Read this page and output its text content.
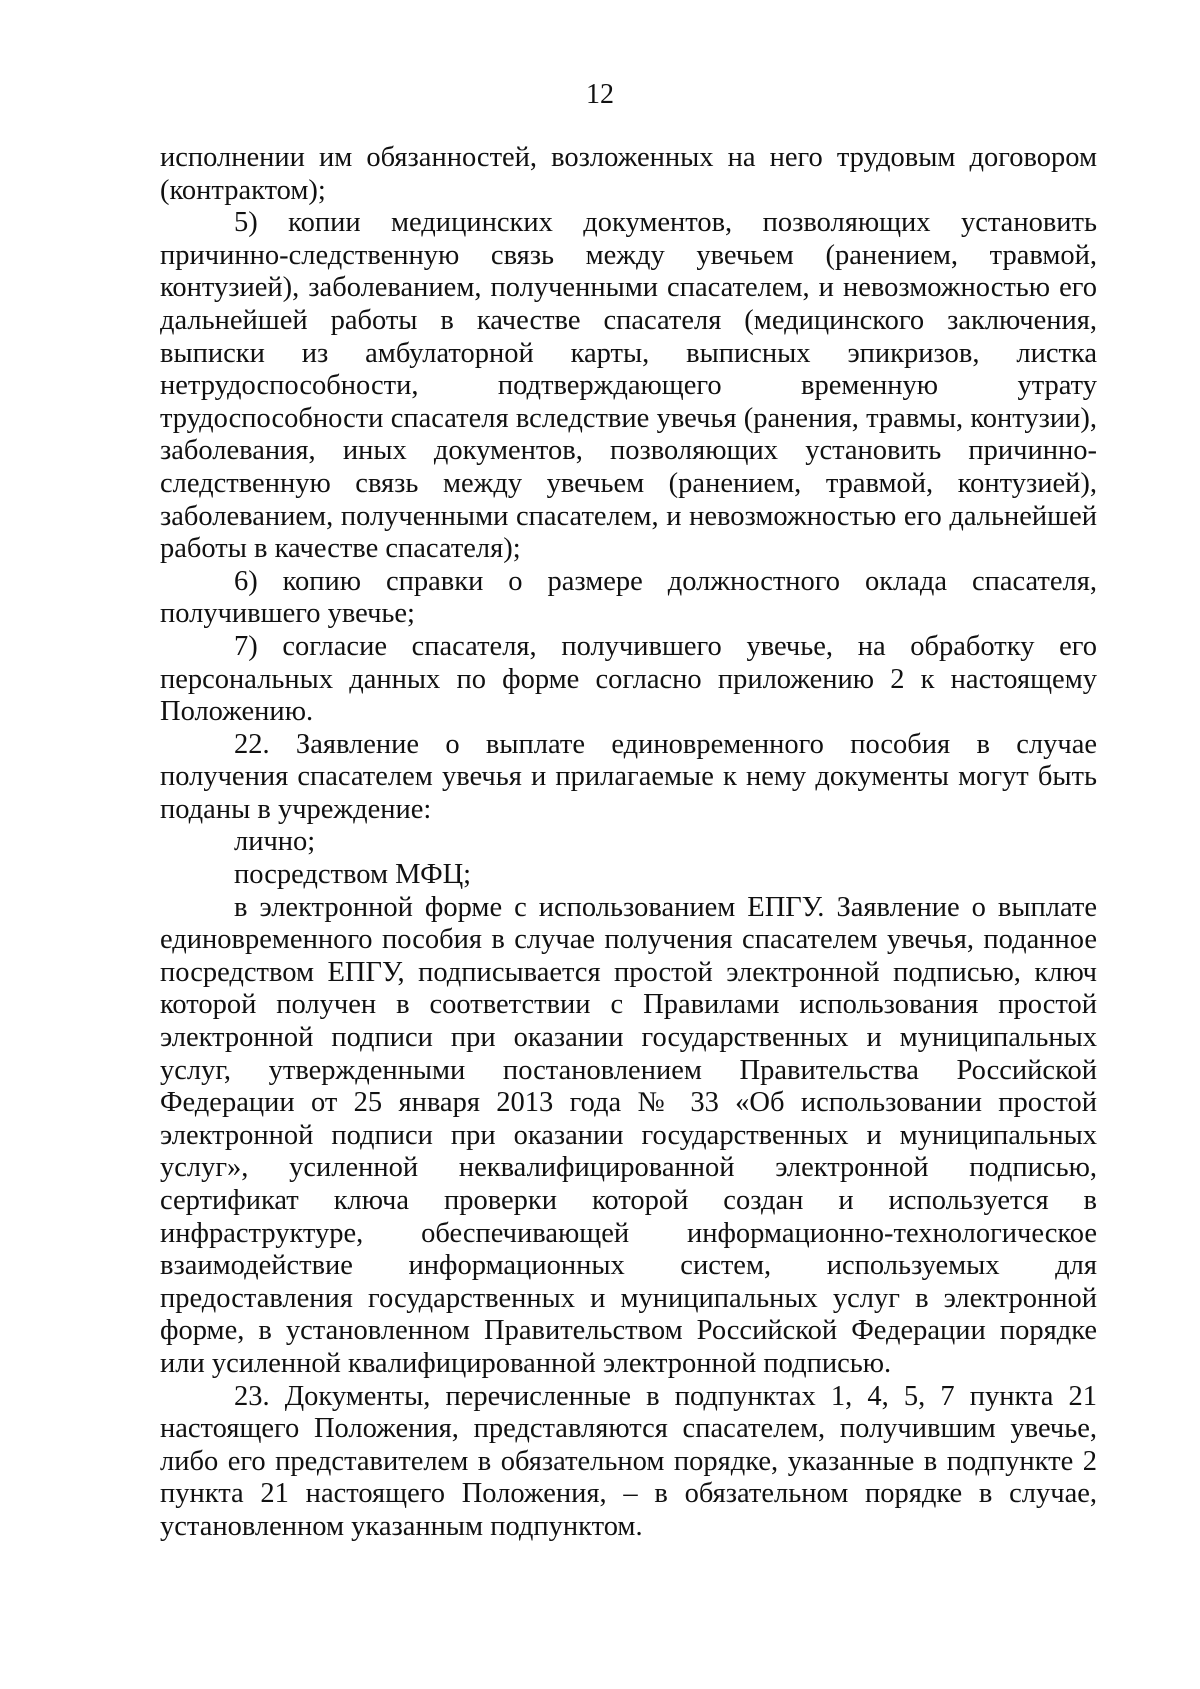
12

исполнении им обязанностей, возложенных на него трудовым договором (контрактом);

5) копии медицинских документов, позволяющих установить причинно-следственную связь между увечьем (ранением, травмой, контузией), заболеванием, полученными спасателем, и невозможностью его дальнейшей работы в качестве спасателя (медицинского заключения, выписки из амбулаторной карты, выписных эпикризов, листка нетрудоспособности, подтверждающего временную утрату трудоспособности спасателя вследствие увечья (ранения, травмы, контузии), заболевания, иных документов, позволяющих установить причинно-следственную связь между увечьем (ранением, травмой, контузией), заболеванием, полученными спасателем, и невозможностью его дальнейшей работы в качестве спасателя);

6) копию справки о размере должностного оклада спасателя, получившего увечье;

7) согласие спасателя, получившего увечье, на обработку его персональных данных по форме согласно приложению 2 к настоящему Положению.

22. Заявление о выплате единовременного пособия в случае получения спасателем увечья и прилагаемые к нему документы могут быть поданы в учреждение:

лично;

посредством МФЦ;

в электронной форме с использованием ЕПГУ. Заявление о выплате единовременного пособия в случае получения спасателем увечья, поданное посредством ЕПГУ, подписывается простой электронной подписью, ключ которой получен в соответствии с Правилами использования простой электронной подписи при оказании государственных и муниципальных услуг, утвержденными постановлением Правительства Российской Федерации от 25 января 2013 года № 33 «Об использовании простой электронной подписи при оказании государственных и муниципальных услуг», усиленной неквалифицированной электронной подписью, сертификат ключа проверки которой создан и используется в инфраструктуре, обеспечивающей информационно-технологическое взаимодействие информационных систем, используемых для предоставления государственных и муниципальных услуг в электронной форме, в установленном Правительством Российской Федерации порядке или усиленной квалифицированной электронной подписью.

23. Документы, перечисленные в подпунктах 1, 4, 5, 7 пункта 21 настоящего Положения, представляются спасателем, получившим увечье, либо его представителем в обязательном порядке, указанные в подпункте 2 пункта 21 настоящего Положения, – в обязательном порядке в случае, установленном указанным подпунктом.
